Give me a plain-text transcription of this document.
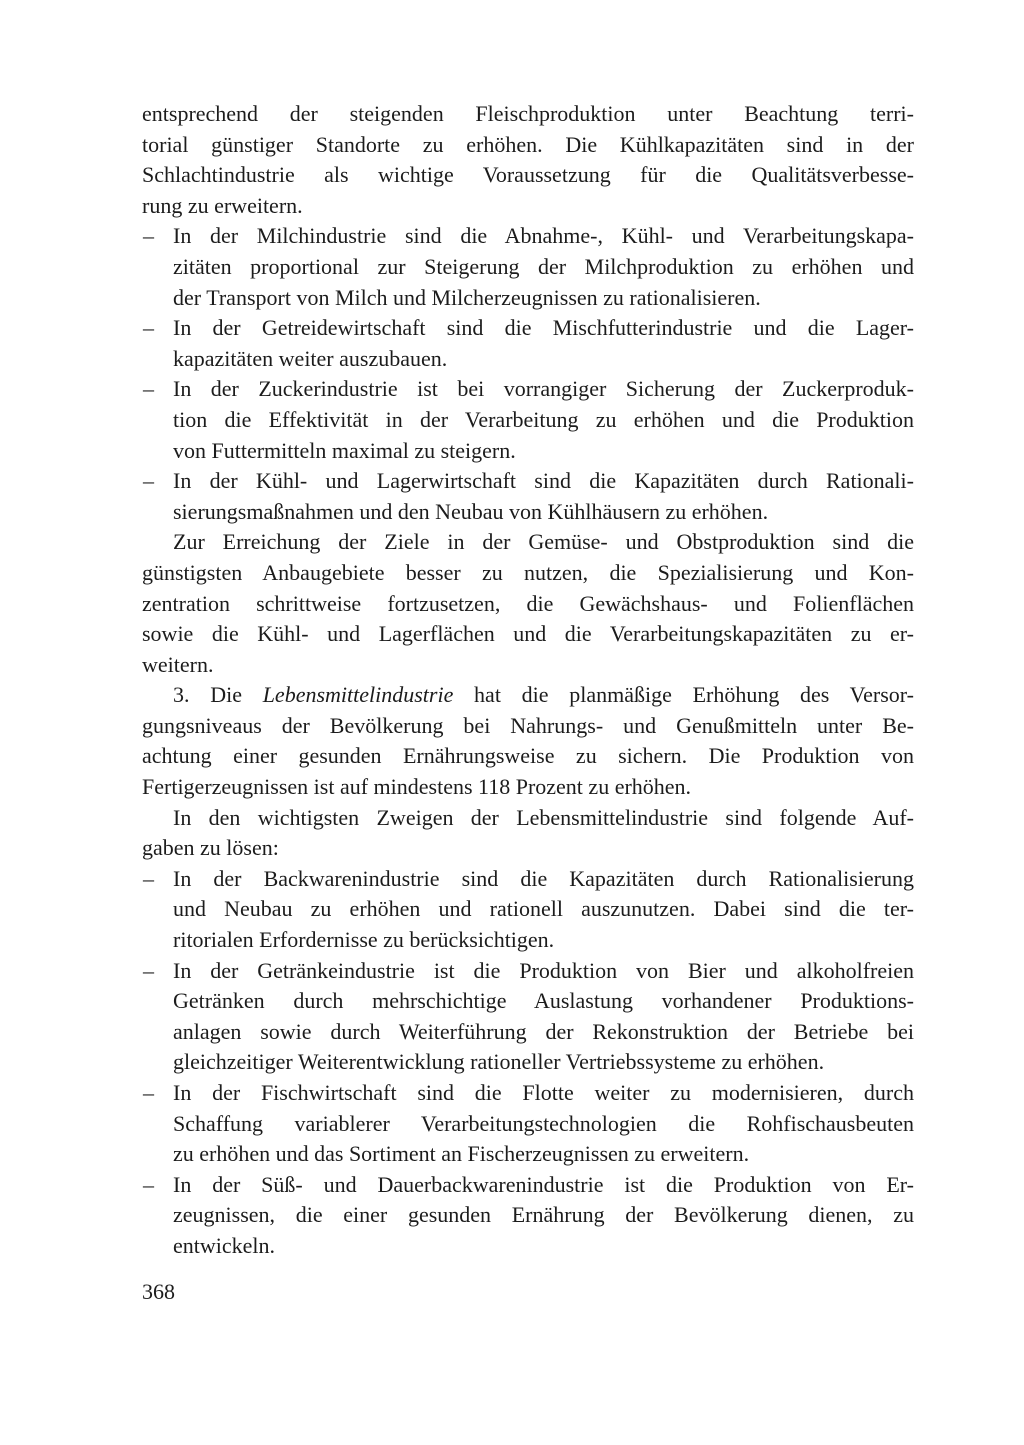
entsprechend der steigenden Fleischproduktion unter Beachtung terri-
torial günstiger Standorte zu erhöhen. Die Kühlkapazitäten sind in der
Schlachtindustrie als wichtige Voraussetzung für die Qualitätsverbesse-
rung zu erweitern.
– In der Milchindustrie sind die Abnahme-, Kühl- und Verarbeitungskapa-
zitäten proportional zur Steigerung der Milchproduktion zu erhöhen und
der Transport von Milch und Milcherzeugnissen zu rationalisieren.
– In der Getreidewirtschaft sind die Mischfutterindustrie und die Lager-
kapazitäten weiter auszubauen.
– In der Zuckerindustrie ist bei vorrangiger Sicherung der Zuckerproduk-
tion die Effektivität in der Verarbeitung zu erhöhen und die Produktion
von Futtermitteln maximal zu steigern.
– In der Kühl- und Lagerwirtschaft sind die Kapazitäten durch Rationali-
sierungsmaßnahmen und den Neubau von Kühlhäusern zu erhöhen.
Zur Erreichung der Ziele in der Gemüse- und Obstproduktion sind die
günstigsten Anbaugebiete besser zu nutzen, die Spezialisierung und Kon-
zentration schrittweise fortzusetzen, die Gewächshaus- und Folienflächen
sowie die Kühl- und Lagerflächen und die Verarbeitungskapazitäten zu er-
weitern.
3. Die Lebensmittelindustrie hat die planmäßige Erhöhung des Versor-
gungsniveaus der Bevölkerung bei Nahrungs- und Genußmitteln unter Be-
achtung einer gesunden Ernährungsweise zu sichern. Die Produktion von
Fertigerzeugnissen ist auf mindestens 118 Prozent zu erhöhen.
In den wichtigsten Zweigen der Lebensmittelindustrie sind folgende Auf-
gaben zu lösen:
– In der Backwarenindustrie sind die Kapazitäten durch Rationalisierung
und Neubau zu erhöhen und rationell auszunutzen. Dabei sind die ter-
ritorialen Erfordernisse zu berücksichtigen.
– In der Getränkeindustrie ist die Produktion von Bier und alkoholfreien
Getränken durch mehrschichtige Auslastung vorhandener Produktions-
anlagen sowie durch Weiterführung der Rekonstruktion der Betriebe bei
gleichzeitiger Weiterentwicklung rationeller Vertriebssysteme zu erhöhen.
– In der Fischwirtschaft sind die Flotte weiter zu modernisieren, durch
Schaffung variablerer Verarbeitungstechnologien die Rohfischausbeuten
zu erhöhen und das Sortiment an Fischerzeugnissen zu erweitern.
– In der Süß- und Dauerbackwarenindustrie ist die Produktion von Er-
zeugnissen, die einer gesunden Ernährung der Bevölkerung dienen, zu
entwickeln.
368
